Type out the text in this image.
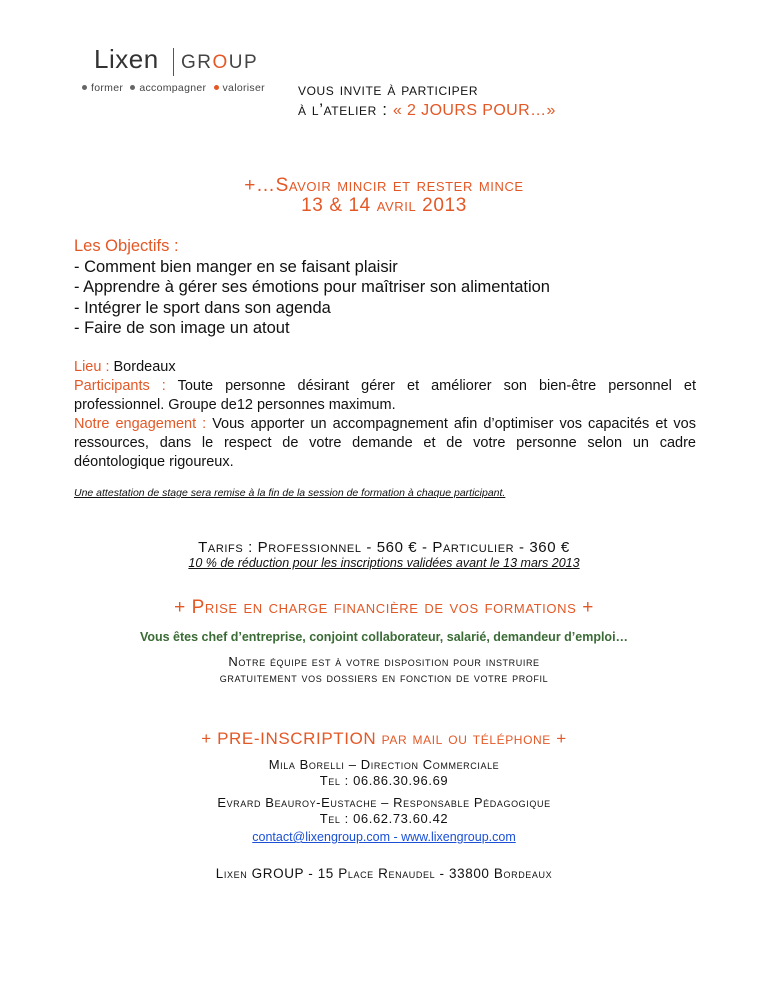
Lixen GROUP
former accompagner valoriser vous invite à participer
à l’atelier : « 2 JOURS POUR…»
+…Savoir mincir et rester mince
13 & 14 avril 2013
Les Objectifs :
- Comment bien manger en se faisant plaisir
- Apprendre à gérer ses émotions pour maîtriser son alimentation
- Intégrer le sport dans son agenda
- Faire de son image un atout
Lieu : Bordeaux
Participants : Toute personne désirant gérer et améliorer son bien-être personnel et professionnel. Groupe de12 personnes maximum.
Notre engagement : Vous apporter un accompagnement afin d’optimiser vos capacités et vos ressources, dans le respect de votre demande et de votre personne selon un cadre déontologique rigoureux.
Une attestation de stage sera remise à la fin de la session de formation à chaque participant.
Tarifs : Professionnel - 560 € - Particulier - 360 €
10 % de réduction pour les inscriptions validées avant le 13 mars 2013
+ Prise en charge financière de vos formations +
Vous êtes chef d’entreprise, conjoint collaborateur, salarié, demandeur d’emploi…
Notre équipe est à votre disposition pour instruire
gratuitement vos dossiers en fonction de votre profil
+ PRE-INSCRIPTION par mail ou téléphone +
Mila Borelli – Direction Commerciale
Tel : 06.86.30.96.69
Evrard Beauroy-Eustache – Responsable Pédagogique
Tel : 06.62.73.60.42
contact@lixengroup.com - www.lixengroup.com
Lixen GROUP - 15 Place Renaudel - 33800 Bordeaux
